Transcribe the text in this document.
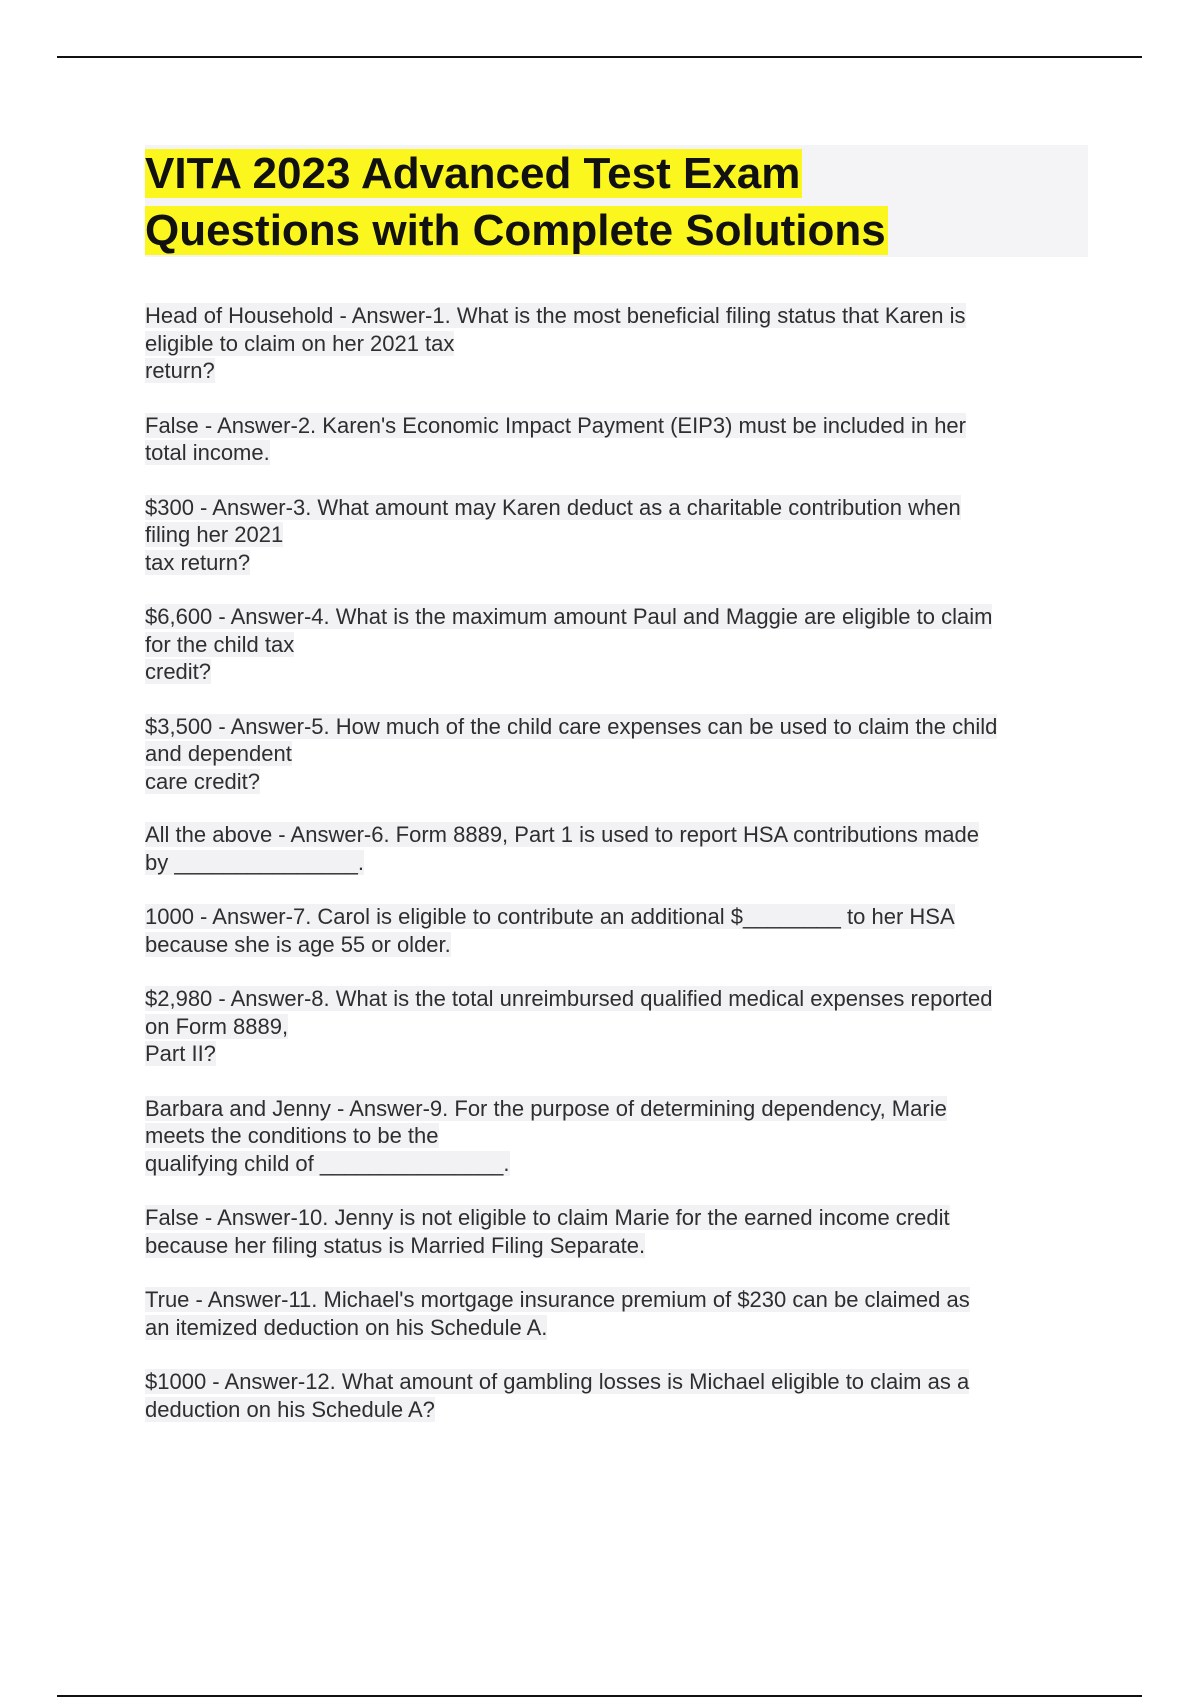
VITA 2023 Advanced Test Exam
Questions with Complete Solutions
Head of Household - Answer-1. What is the most beneficial filing status that Karen is
eligible to claim on her 2021 tax
return?
False - Answer-2. Karen's Economic Impact Payment (EIP3) must be included in her
total income.
$300 - Answer-3. What amount may Karen deduct as a charitable contribution when
filing her 2021
tax return?
$6,600 - Answer-4. What is the maximum amount Paul and Maggie are eligible to claim
for the child tax
credit?
$3,500 - Answer-5. How much of the child care expenses can be used to claim the child
and dependent
care credit?
All the above - Answer-6. Form 8889, Part 1 is used to report HSA contributions made
by _______________.
1000 - Answer-7. Carol is eligible to contribute an additional $________ to her HSA
because she is age 55 or older.
$2,980 - Answer-8. What is the total unreimbursed qualified medical expenses reported
on Form 8889,
Part II?
Barbara and Jenny - Answer-9. For the purpose of determining dependency, Marie
meets the conditions to be the
qualifying child of _______________.
False - Answer-10. Jenny is not eligible to claim Marie for the earned income credit
because her filing status is Married Filing Separate.
True - Answer-11. Michael's mortgage insurance premium of $230 can be claimed as
an itemized deduction on his Schedule A.
$1000 - Answer-12. What amount of gambling losses is Michael eligible to claim as a
deduction on his Schedule A?
